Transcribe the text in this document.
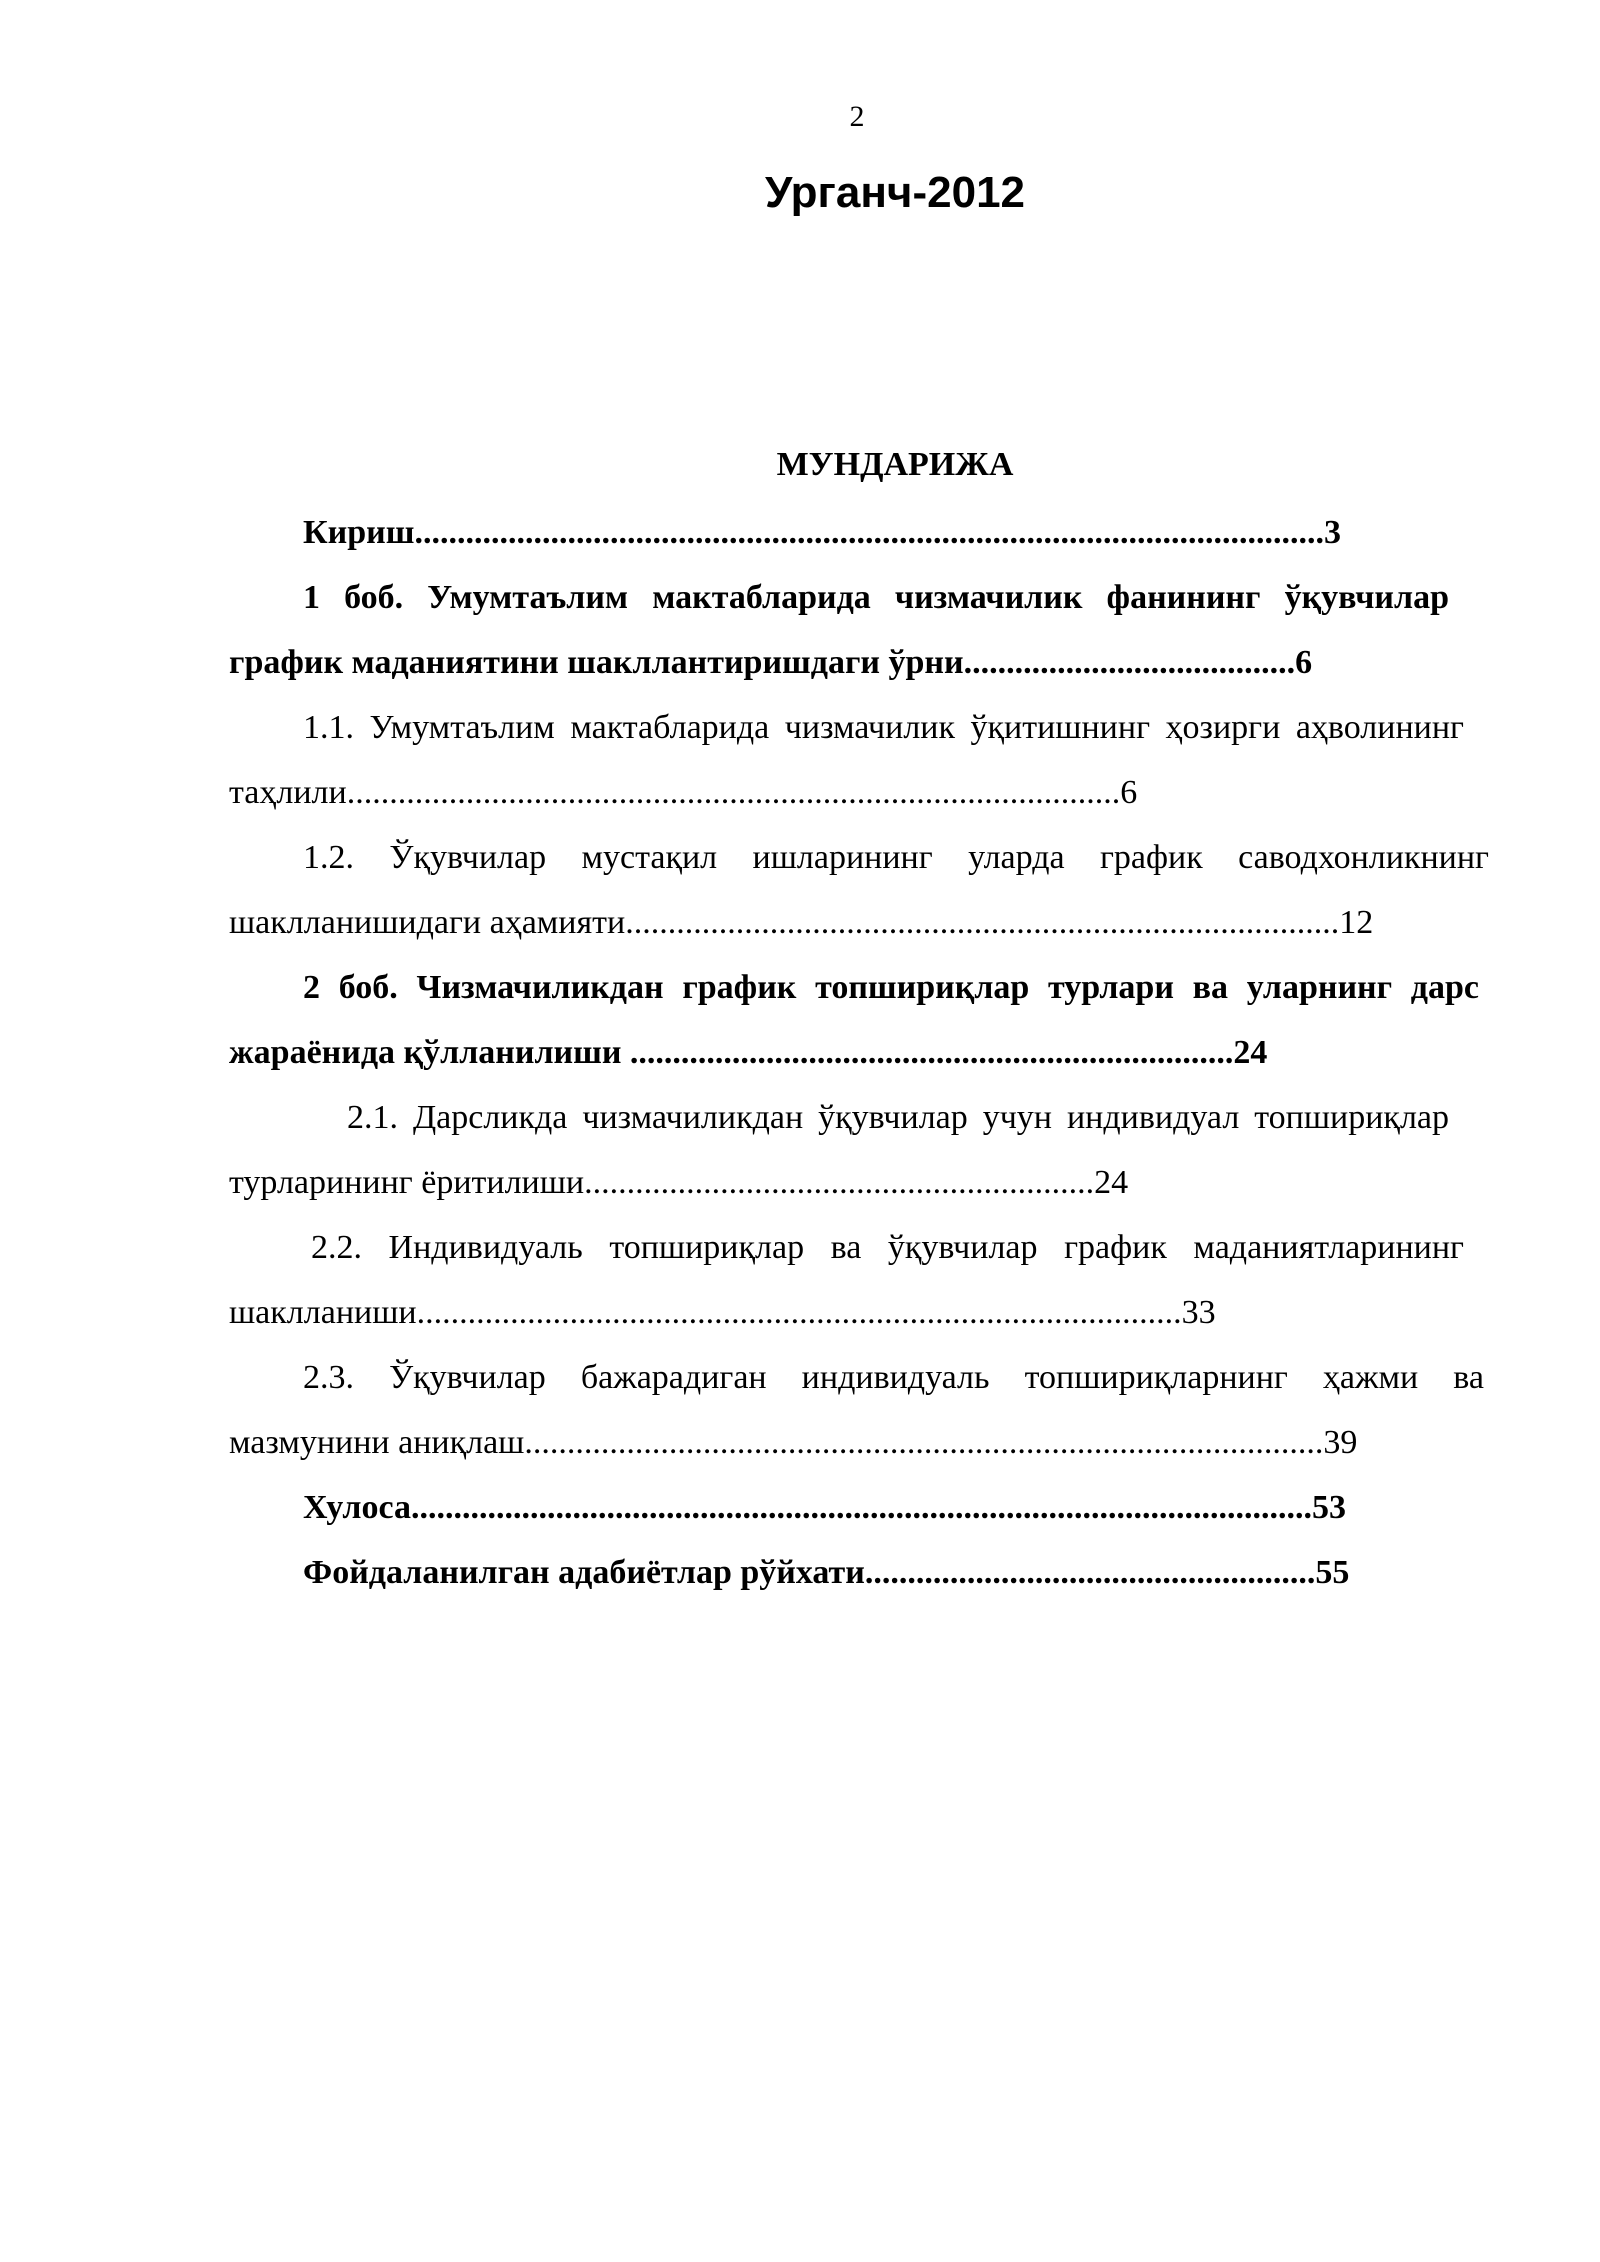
2
Урганч-2012
МУНДАРИЖА

Кириш...........................................................................................................3

1 боб. Умумтаълим мактабларида чизмачилик фанининг ўқувчилар график маданиятини шакллантиришдаги ўрни.......................................6

1.1. Умумтаълим мактабларида чизмачилик ўқитишнинг ҳозирги аҳволининг таҳлили...........................................................................................6

1.2. Ўқувчилар мустақил ишларининг уларда график саводхонликнинг шаклланишидаги аҳамияти....................................................................................12

2 боб. Чизмачиликдан график топшириқлар турлари ва уларнинг дарс жараёнида қўлланилиши .......................................................................24

2.1. Дарсликда чизмачиликдан ўқувчилар учун индивидуал топшириқлар турларининг ёритилиши............................................................24

2.2. Индивидуаль топшириқлар ва ўқувчилар график маданиятларининг шаклланиши..........................................................................................33

2.3. Ўқувчилар бажарадиган индивидуаль топшириқларнинг ҳажми ва мазмунини аниқлаш..............................................................................................39

Хулоса..........................................................................................................53

Фойдаланилган адабиётлар рўйхати.....................................................55
